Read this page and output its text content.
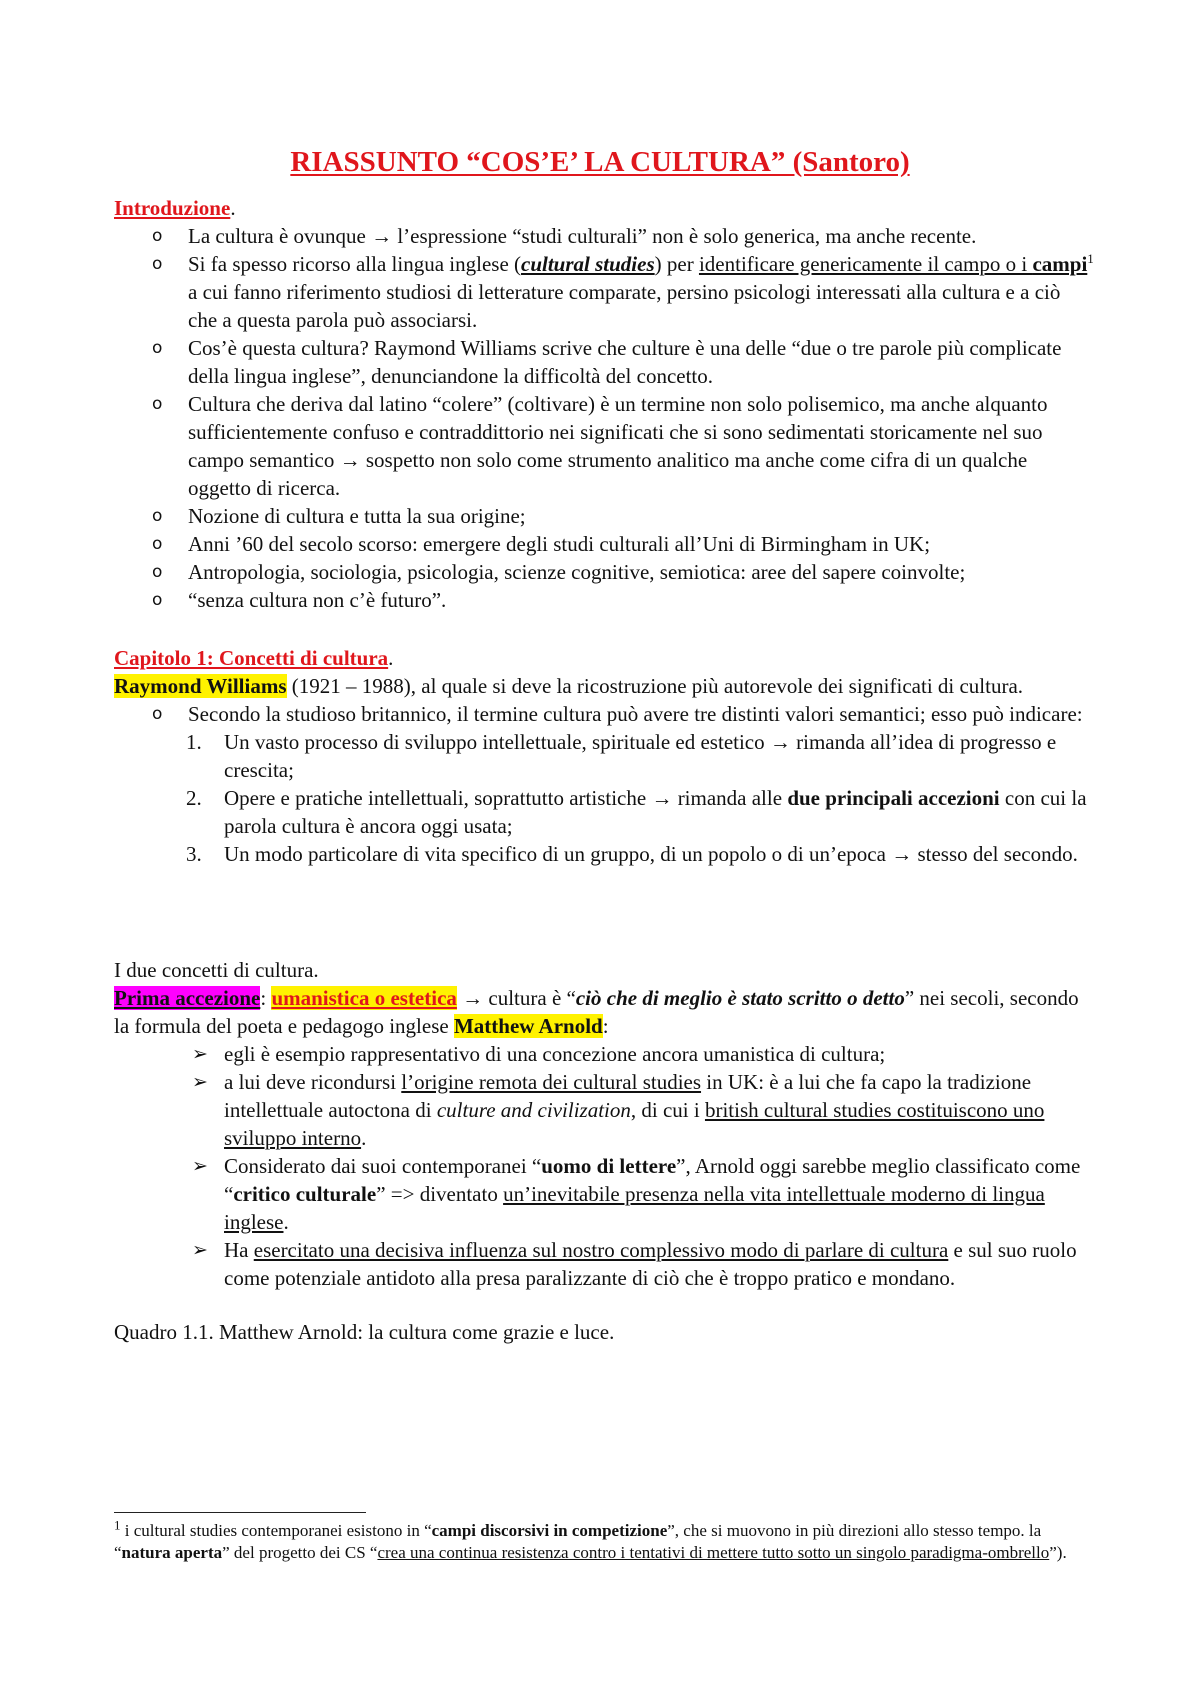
RIASSUNTO “COS’E’ LA CULTURA” (Santoro)
Introduzione.
o La cultura è ovunque → l’espressione “studi culturali” non è solo generica, ma anche recente.
o Si fa spesso ricorso alla lingua inglese (cultural studies) per identificare genericamente il campo o i campi$^1$ a cui fanno riferimento studiosi di letterature comparate, persino psicologi interessati alla cultura e a ciò che a questa parola può associarsi.
o Cos’è questa cultura? Raymond Williams scrive che culture è una delle “due o tre parole più complicate della lingua inglese”, denunciandone la difficoltà del concetto.
o Cultura che deriva dal latino “colere” (coltivare) è un termine non solo polisemico, ma anche alquanto sufficientemente confuso e contraddittorio nei significati che si sono sedimentati storicamente nel suo campo semantico → sospetto non solo come strumento analitico ma anche come cifra di un qualche oggetto di ricerca.
o Nozione di cultura e tutta la sua origine;
o Anni ’60 del secolo scorso: emergere degli studi culturali all’Uni di Birmingham in UK;
o Antropologia, sociologia, psicologia, scienze cognitive, semiotica: aree del sapere coinvolte;
o “senza cultura non c’è futuro”.
Capitolo 1: Concetti di cultura.
Raymond Williams (1921 – 1988), al quale si deve la ricostruzione più autorevole dei significati di cultura.
o Secondo la studioso britannico, il termine cultura può avere tre distinti valori semantici; esso può indicare:
1. Un vasto processo di sviluppo intellettuale, spirituale ed estetico → rimanda all’idea di progresso e crescita;
2. Opere e pratiche intellettuali, soprattutto artistiche → rimanda alle due principali accezioni con cui la parola cultura è ancora oggi usata;
3. Un modo particolare di vita specifico di un gruppo, di un popolo o di un’epoca → stesso del secondo.
I due concetti di cultura.
Prima accezione: umanistica o estetica → cultura è “ciò che di meglio è stato scritto o detto” nei secoli, secondo la formula del poeta e pedagogo inglese Matthew Arnold:
➢ egli è esempio rappresentativo di una concezione ancora umanistica di cultura;
➢ a lui deve ricondursi l’origine remota dei cultural studies in UK: è a lui che fa capo la tradizione intellettuale autoctona di culture and civilization, di cui i british cultural studies costituiscono uno sviluppo interno.
➢ Considerato dai suoi contemporanei “uomo di lettere”, Arnold oggi sarebbe meglio classificato come “critico culturale” => diventato un’inevitabile presenza nella vita intellettuale moderno di lingua inglese.
➢ Ha esercitato una decisiva influenza sul nostro complessivo modo di parlare di cultura e sul suo ruolo come potenziale antidoto alla presa paralizzante di ciò che è troppo pratico e mondano.
Quadro 1.1. Matthew Arnold: la cultura come grazie e luce.
$^1$ i cultural studies contemporanei esistono in “campi discorsivi in competizione”, che si muovono in più direzioni allo stesso tempo. la “natura aperta” del progetto dei CS “crea una continua resistenza contro i tentativi di mettere tutto sotto un singolo paradigma-ombrello”).
